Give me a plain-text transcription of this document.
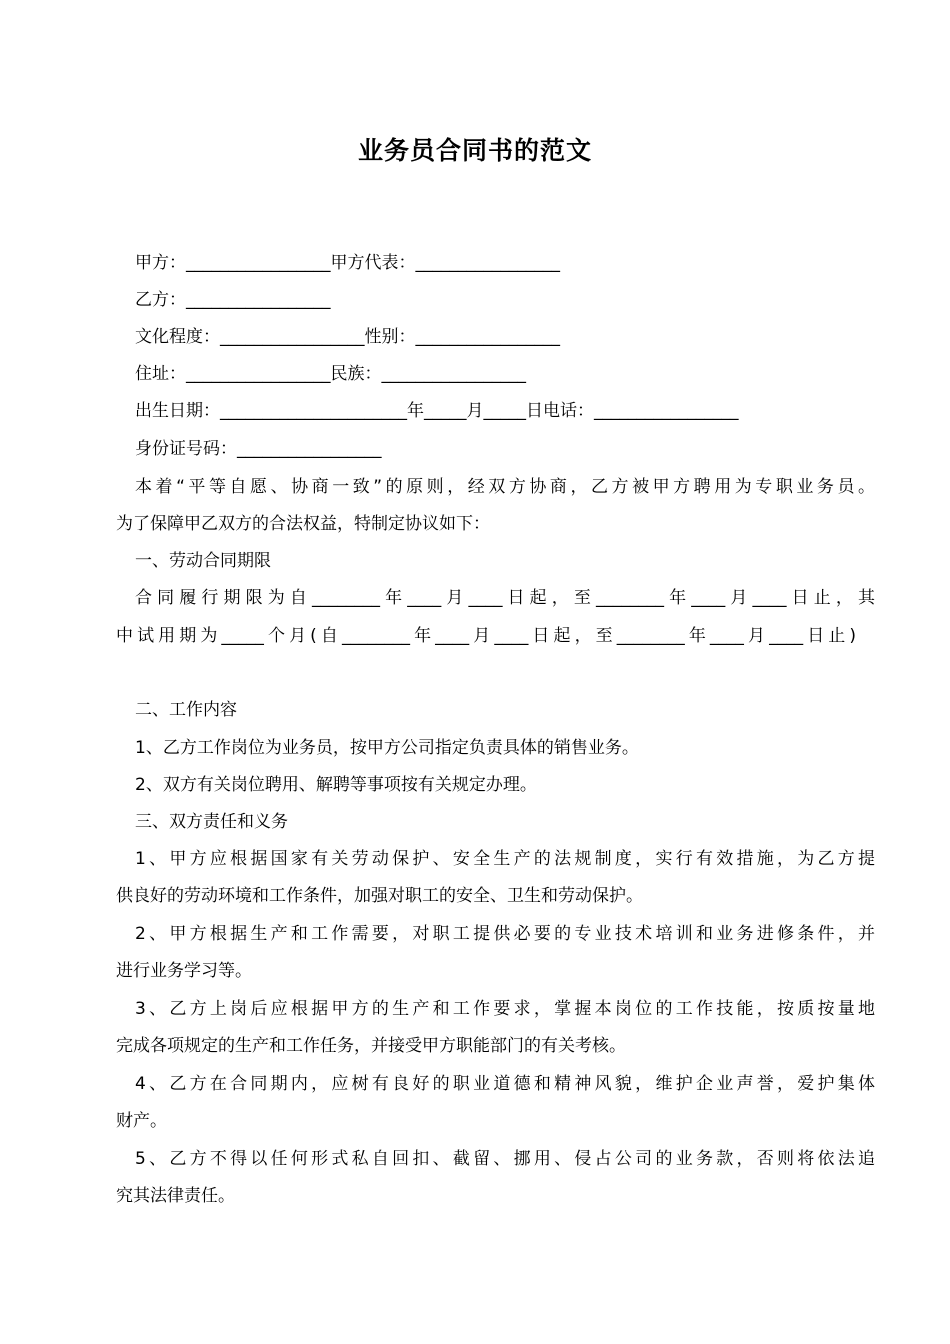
业务员合同书的范文
甲方：_________________甲方代表：_________________
乙方：_________________
文化程度：_________________性别：_________________
住址：_________________民族：_________________
出生日期：______________________年_____月_____日电话：_________________
身份证号码：_________________
本着“平等自愿、协商一致”的原则，经双方协商，乙方被甲方聘用为专职业务员。
为了保障甲乙双方的合法权益，特制定协议如下：
一、劳动合同期限
合同履行期限为自________年____月____日起，至________年____月____日止，其
中试用期为_____个月(自________年____月____日起，至________年____月____日止)
二、工作内容
1、乙方工作岗位为业务员，按甲方公司指定负责具体的销售业务。
2、双方有关岗位聘用、解聘等事项按有关规定办理。
三、双方责任和义务
1、甲方应根据国家有关劳动保护、安全生产的法规制度，实行有效措施，为乙方提
供良好的劳动环境和工作条件，加强对职工的安全、卫生和劳动保护。
2、甲方根据生产和工作需要，对职工提供必要的专业技术培训和业务进修条件，并
进行业务学习等。
3、乙方上岗后应根据甲方的生产和工作要求，掌握本岗位的工作技能，按质按量地
完成各项规定的生产和工作任务，并接受甲方职能部门的有关考核。
4、乙方在合同期内，应树有良好的职业道德和精神风貌，维护企业声誉，爱护集体
财产。
5、乙方不得以任何形式私自回扣、截留、挪用、侵占公司的业务款，否则将依法追
究其法律责任。
